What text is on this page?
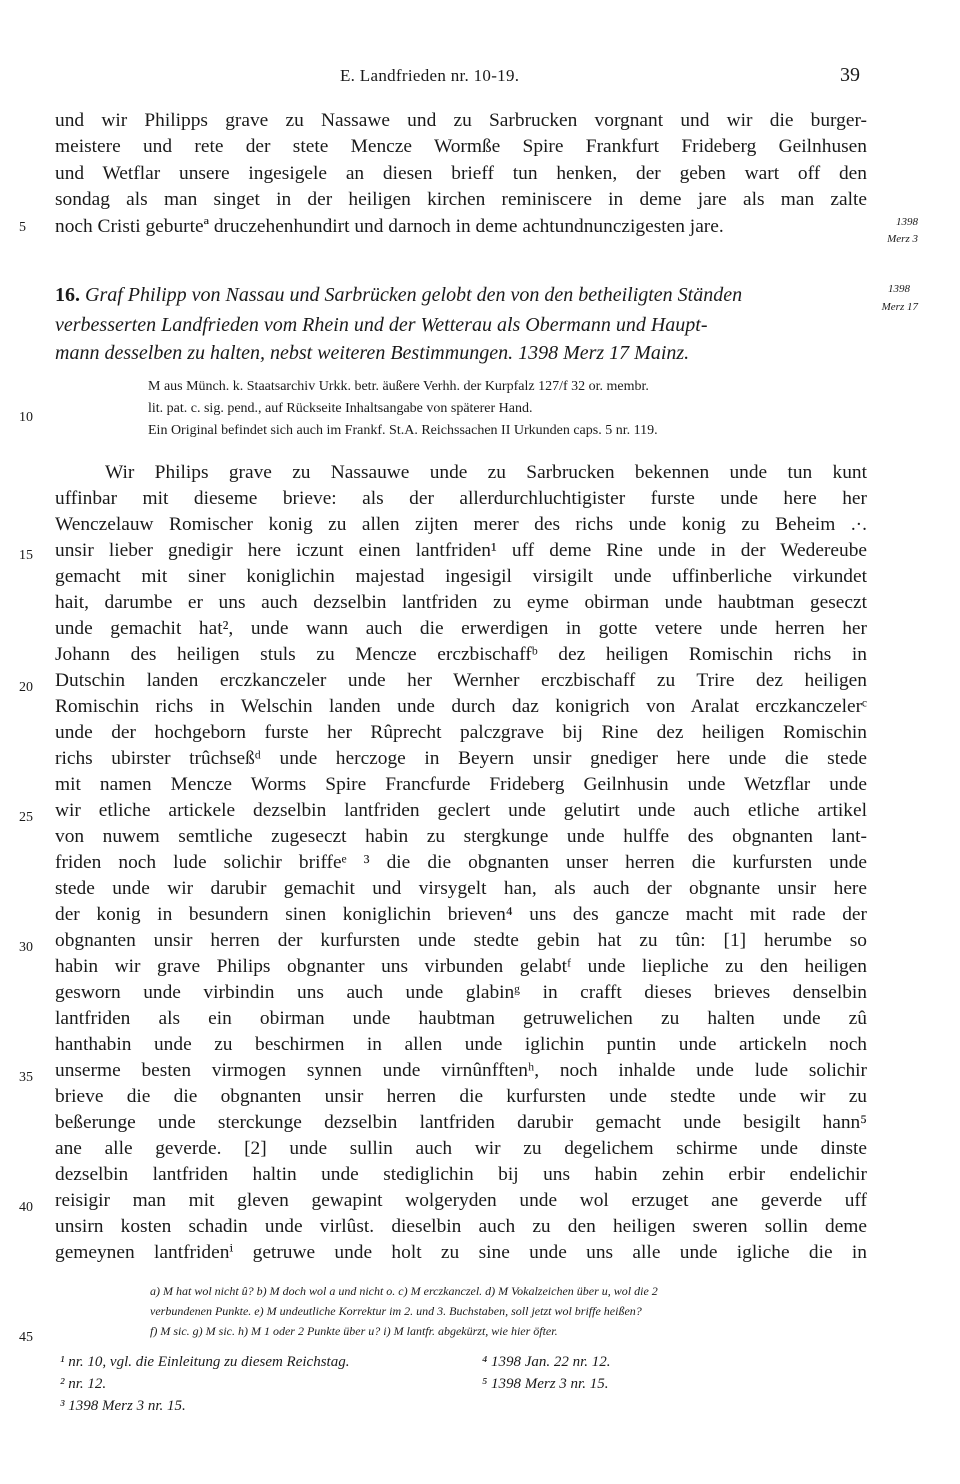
E. Landfrieden nr. 10-19.	39
und wir Philipps grave zu Nassawe und zu Sarbrucken vorgnant und wir die burger-
meistere und rete der stete Mencze Wormße Spire Frankfurt Frideberg Geilnhusen
und Wetflar unsere ingesigele an diesen brieff tun henken, der geben wart off den
sondag als man singet in der heiligen kirchen reminiscere in deme jare als man zalte
noch Cristi geburteª druczehenhundirt und darnoch in deme achtundnunczigesten jare.	1398
Merz 3
1398
Merz 17
5
10
15
20
25
30
35
40
45
16. Graf Philipp von Nassau und Sarbrücken gelobt den von den betheiligten Ständen
verbesserten Landfrieden vom Rhein und der Wetterau als Obermann und Haupt-
mann desselben zu halten, nebst weiteren Bestimmungen. 1398 Merz 17 Mainz.
M aus Münch. k. Staatsarchiv Urkk. betr. äußere Verhh. der Kurpfalz 127/f 32 or. membr.
lit. pat. c. sig. pend., auf Rückseite Inhaltsangabe von späterer Hand.
Ein Original befindet sich auch im Frankf. St.A. Reichssachen II Urkunden caps. 5 nr. 119.
Wir Philips grave zu Nassauwe unde zu Sarbrucken bekennen unde tun kunt
uffinbar mit dieseme brieve: als der allerdurchluchtigister furste unde here her
Wenczelauw Romischer konig zu allen zijten merer des richs unde konig zu Beheim .·.
unsir lieber gnedigir here iczunt einen lantfriden¹ uff deme Rine unde in der Wedereube
gemacht mit siner koniglichin majestad ingesigil virsigilt unde uffinberliche virkundet
hait, darumbe er uns auch dezselbin lantfriden zu eyme obirman unde haubtman geseczt
unde gemachit hat², unde wann auch die erwerdigen in gotte vetere unde herren her
Johann des heiligen stuls zu Mencze erczbischaffᵇ dez heiligen Romischin richs in
Dutschin landen erczkanczeler unde her Wernher erczbischaff zu Trire dez heiligen
Romischin richs in Welschin landen unde durch daz konigrich von Aralat erczkanczelerᶜ
unde der hochgeborn furste her Rûprecht palczgrave bij Rine dez heiligen Romischin
richs ubirster trûchseßᵈ unde herczoge in Beyern unsir gnediger here unde die stede
mit namen Mencze Worms Spire Francfurde Frideberg Geilnhusin unde Wetzflar unde
wir etliche artickele dezselbin lantfriden geclert unde gelutirt unde auch etliche artikel
von nuwem semtliche zugeseczt habin zu stergkunge unde hulffe des obgnanten lant-
friden noch lude solichir briffeᵉ ³ die die obgnanten unser herren die kurfursten unde
stede unde wir darubir gemachit und virsygelt han, als auch der obgnante unsir here
der konig in besundern sinen koniglichin brieven⁴ uns des gancze macht mit rade der
obgnanten unsir herren der kurfursten unde stedte gebin hat zu tûn: [1] herumbe so
habin wir grave Philips obgnanter uns virbunden gelabtᶠ unde liepliche zu den heiligen
gesworn unde virbindin uns auch unde glabinᵍ in crafft dieses brieves denselbin
lantfriden als ein obirman unde haubtman getruwelichen zu halten unde zû
hanthabin unde zu beschirmen in allen unde iglichin puntin unde artickeln noch
unserme besten virmogen synnen unde virnûnfftenʰ, noch inhalde unde lude solichir
brieve die die obgnanten unsir herren die kurfursten unde stedte unde wir zu
beßerunge unde sterckunge dezselbin lantfriden darubir gemacht unde besigilt hann⁵
ane alle geverde. [2] unde sullin auch wir zu degelichem schirme unde dinste
dezselbin lantfriden haltin unde stediglichin bij uns habin zehin erbir endelichir
reisigir man mit gleven gewapint wolgeryden unde wol erzuget ane geverde uff
unsirn kosten schadin unde virlûst. dieselbin auch zu den heiligen sweren sollin deme
gemeynen lantfridenⁱ getruwe unde holt zu sine unde uns alle unde igliche die in
a) M hat wol nicht û? b) M doch wol a und nicht o. c) M erczkanczel. d) M Vokalzeichen über u, wol die 2
verbundenen Punkte. e) M undeutliche Korrektur im 2. und 3. Buchstaben, soll jetzt wol briffe heißen?
f) M sic. g) M sic. h) M 1 oder 2 Punkte über u? i) M lantfr. abgekürzt, wie hier öfter.
¹ nr. 10, vgl. die Einleitung zu diesem Reichstag.
² nr. 12.
³ 1398 Merz 3 nr. 15.
⁴ 1398 Jan. 22 nr. 12.
⁵ 1398 Merz 3 nr. 15.
